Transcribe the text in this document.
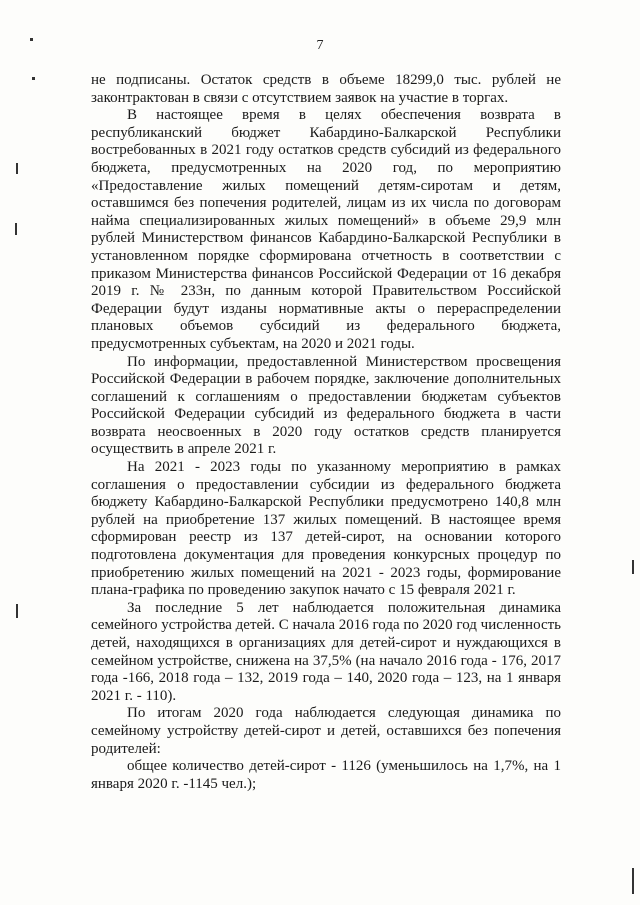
7

не подписаны. Остаток средств в объеме 18299,0 тыс. рублей не законтрактован в связи с отсутствием заявок на участие в торгах.

В настоящее время в целях обеспечения возврата в республиканский бюджет Кабардино-Балкарской Республики востребованных в 2021 году остатков средств субсидий из федерального бюджета, предусмотренных на 2020 год, по мероприятию «Предоставление жилых помещений детям-сиротам и детям, оставшимся без попечения родителей, лицам из их числа по договорам найма специализированных жилых помещений» в объеме 29,9 млн рублей Министерством финансов Кабардино-Балкарской Республики в установленном порядке сформирована отчетность в соответствии с приказом Министерства финансов Российской Федерации от 16 декабря 2019 г. № 233н, по данным которой Правительством Российской Федерации будут изданы нормативные акты о перераспределении плановых объемов субсидий из федерального бюджета, предусмотренных субъектам, на 2020 и 2021 годы.

По информации, предоставленной Министерством просвещения Российской Федерации в рабочем порядке, заключение дополнительных соглашений к соглашениям о предоставлении бюджетам субъектов Российской Федерации субсидий из федерального бюджета в части возврата неосвоенных в 2020 году остатков средств планируется осуществить в апреле 2021 г.

На 2021 - 2023 годы по указанному мероприятию в рамках соглашения о предоставлении субсидии из федерального бюджета бюджету Кабардино-Балкарской Республики предусмотрено 140,8 млн рублей на приобретение 137 жилых помещений. В настоящее время сформирован реестр из 137 детей-сирот, на основании которого подготовлена документация для проведения конкурсных процедур по приобретению жилых помещений на 2021 - 2023 годы, формирование плана-графика по проведению закупок начато с 15 февраля 2021 г.

За последние 5 лет наблюдается положительная динамика семейного устройства детей. С начала 2016 года по 2020 год численность детей, находящихся в организациях для детей-сирот и нуждающихся в семейном устройстве, снижена на 37,5% (на начало 2016 года - 176, 2017 года -166, 2018 года – 132, 2019 года – 140, 2020 года – 123, на 1 января 2021 г. - 110).

По итогам 2020 года наблюдается следующая динамика по семейному устройству детей-сирот и детей, оставшихся без попечения родителей:

общее количество детей-сирот - 1126 (уменьшилось на 1,7%, на 1 января 2020 г. -1145 чел.);
